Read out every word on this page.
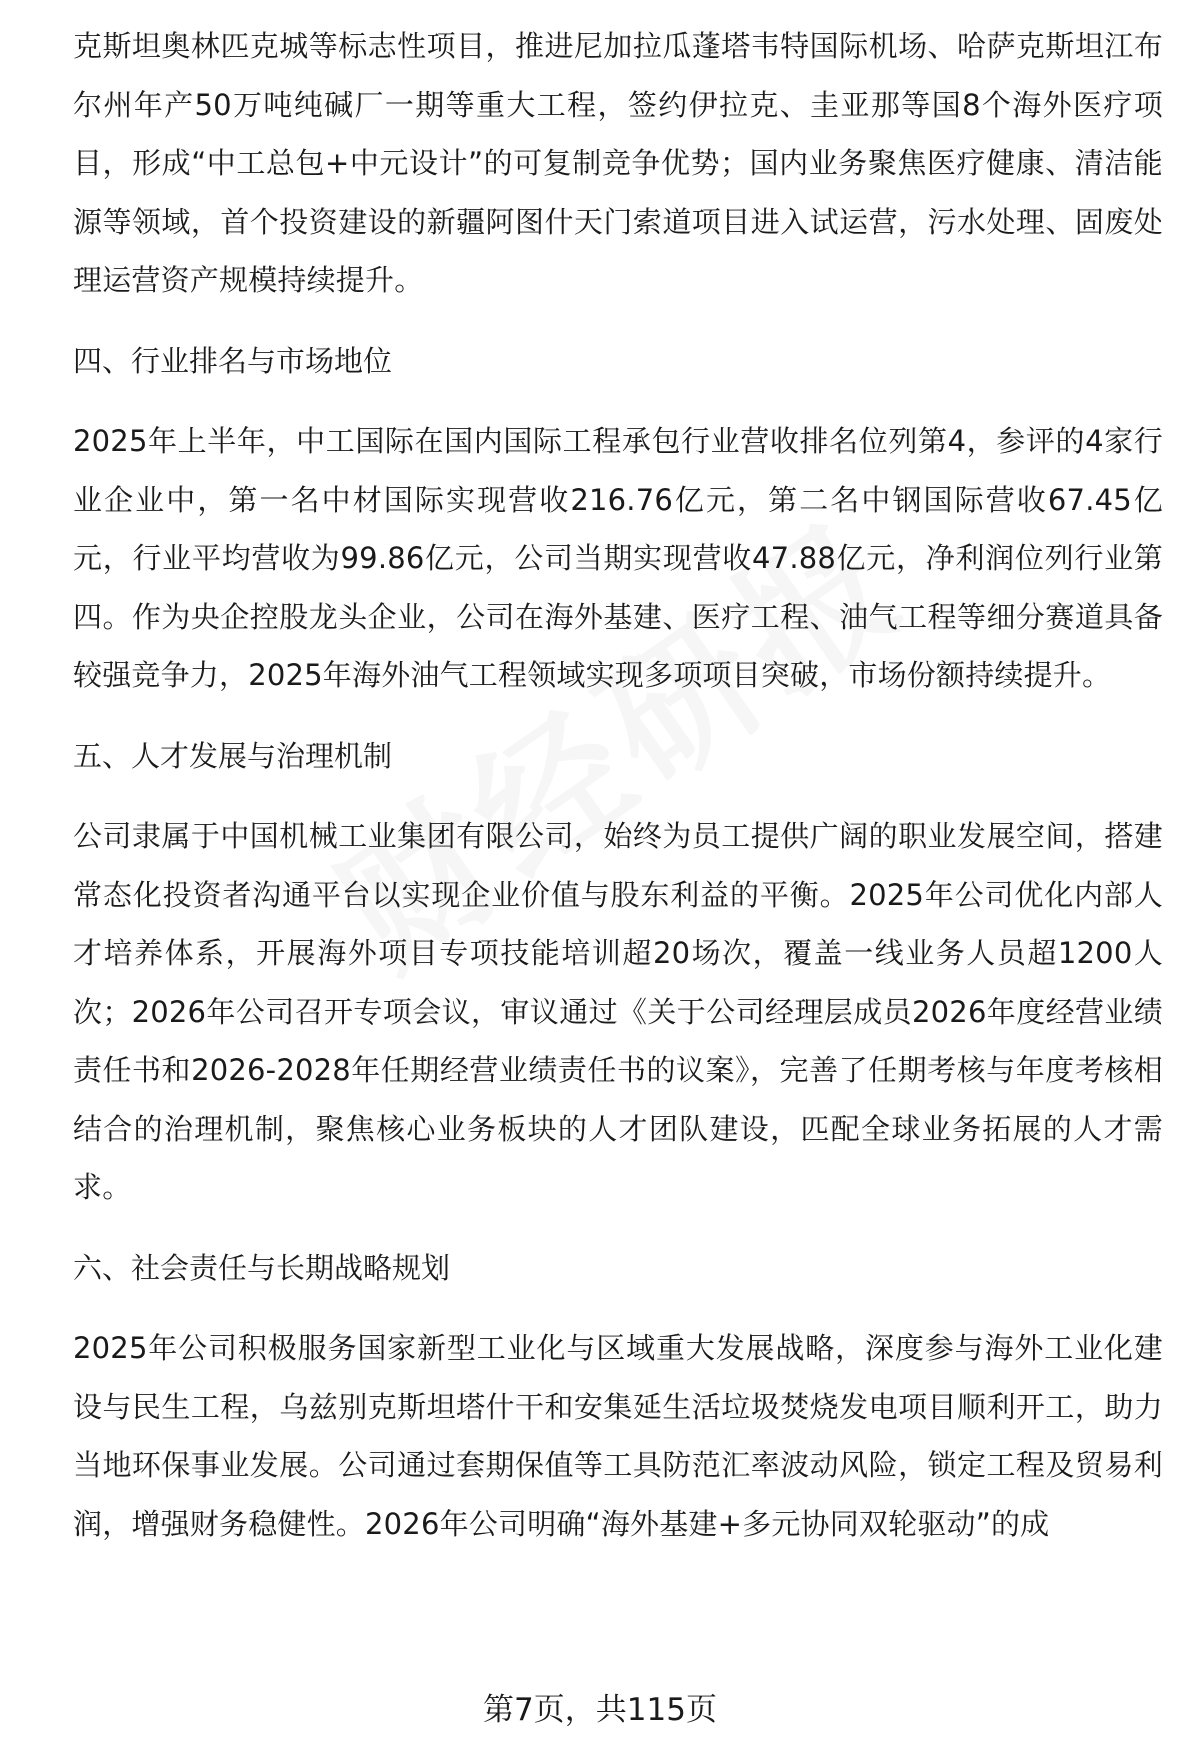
克斯坦奥林匹克城等标志性项目，推进尼加拉瓜蓬塔韦特国际机场、哈萨克斯坦江布尔州年产50万吨纯碱厂一期等重大工程，签约伊拉克、圭亚那等国8个海外医疗项目，形成“中工总包+中元设计”的可复制竞争优势；国内业务聚焦医疗健康、清洁能源等领域，首个投资建设的新疆阿图什天门索道项目进入试运营，污水处理、固废处理运营资产规模持续提升。

四、行业排名与市场地位

2025年上半年，中工国际在国内国际工程承包行业营收排名位列第4，参评的4家行业企业中，第一名中材国际实现营收216.76亿元，第二名中钢国际营收67.45亿元，行业平均营收为99.86亿元，公司当期实现营收47.88亿元，净利润位列行业第四。作为央企控股龙头企业，公司在海外基建、医疗工程、油气工程等细分赛道具备较强竞争力，2025年海外油气工程领域实现多项项目突破，市场份额持续提升。

五、人才发展与治理机制

公司隶属于中国机械工业集团有限公司，始终为员工提供广阔的职业发展空间，搭建常态化投资者沟通平台以实现企业价值与股东利益的平衡。2025年公司优化内部人才培养体系，开展海外项目专项技能培训超20场次，覆盖一线业务人员超1200人次；2026年公司召开专项会议，审议通过《关于公司经理层成员2026年度经营业绩责任书和2026-2028年任期经营业绩责任书的议案》，完善了任期考核与年度考核相结合的治理机制，聚焦核心业务板块的人才团队建设，匹配全球业务拓展的人才需求。

六、社会责任与长期战略规划

2025年公司积极服务国家新型工业化与区域重大发展战略，深度参与海外工业化建设与民生工程，乌兹别克斯坦塔什干和安集延生活垃圾焚烧发电项目顺利开工，助力当地环保事业发展。公司通过套期保值等工具防范汇率波动风险，锁定工程及贸易利润，增强财务稳健性。2026年公司明确“海外基建+多元协同双轮驱动”的成

第7页，共115页
